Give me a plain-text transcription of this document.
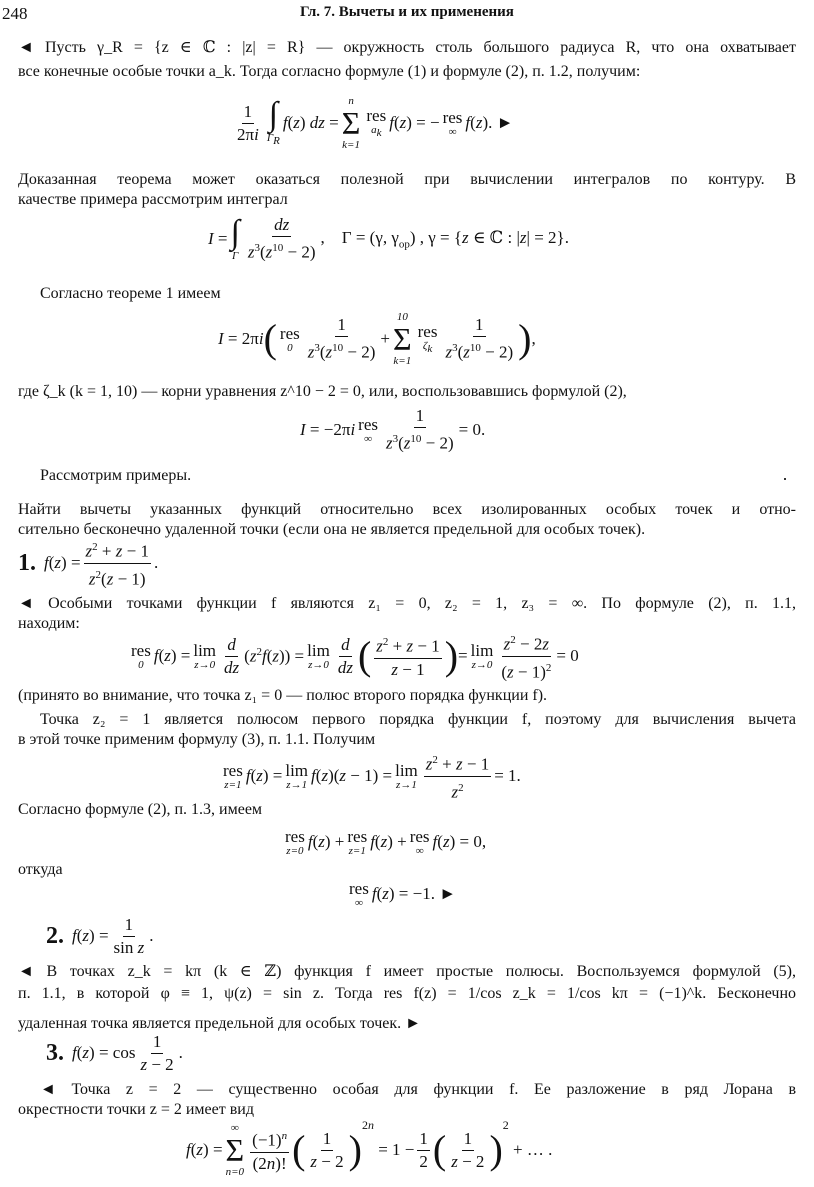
248	Гл. 7. Вычеты и их применения
◄ Пусть γ_R = {z ∈ ℂ : |z| = R} — окружность столь большого радиуса R, что она охватывает
все конечные особые точки a_k. Тогда согласно формуле (1) и формуле (2), п. 1.2, получим:
$\frac{1}{2\pi i}$ ∫
$\Gamma_R$
f(z) dz =
n
Σ
k=1
res
$a_k$
f(z) = − res
∞ f(z). ►
Доказанная теорема может оказаться полезной при вычислении интегралов по контуру. В
качестве примера рассмотрим интеграл
I = ∫
Γ $\frac{dz}{z^3(z^{10} - 2)}$ ,    Γ = (γ, $\gamma_{op}$) , γ = {z ∈ ℂ : |z| = 2}.
Согласно теореме 1 имеем
I = 2πi ( res
$0 \frac{1}{z^3(z^{10} - 2)}$ +
10
Σ
k=1
res
$\zeta_k \frac{1}{z^3(z^{10} - 2)}$ ) ,
где ζ_k (k = 1, 10) — корни уравнения z^10 − 2 = 0, или, воспользовавшись формулой (2),
I = −2πi res
∞ $\frac{1}{z^3(z^{10} - 2)} = 0$.
Рассмотрим примеры.
Найти вычеты указанных функций относительно всех изолированных особых точек и отно-
сительно бесконечно удаленной точки (если она не является предельной для особых точек).
1. $f(z) = \frac{z^2 + z - 1}{z^2(z - 1)}$ .
◄ Особыми точками функции f являются z₁ = 0, z₂ = 1, z₃ = ∞. По формуле (2), п. 1.1,
находим:
res
0 f(z) = lim
$z\to 0 \frac{d}{dz} (z^2f(z)) = \lim$
$z\to 0 \frac{d}{dz}$ ( $\frac{z^2 + z - 1}{z - 1}$ ) = lim
$z\to 0 \frac{z^2 - 2z}{(z - 1)^2} = 0$
(принято во внимание, что точка z₁ = 0 — полюс второго порядка функции f).
Точка z₂ = 1 является полюсом первого порядка функции f, поэтому для вычисления вычета
в этой точке применим формулу (3), п. 1.1. Получим
res
z=1 f(z) = lim
z→1 f(z)(z − 1) = lim
$z\to 1 \frac{z^2 + z - 1}{z^2} = 1$.
Согласно формуле (2), п. 1.3, имеем
res
z=0 f(z) + res
z=1 f(z) + res
∞ f(z) = 0,
откуда
res
∞ f(z) = −1. ►
2. $f(z) = \frac{1}{\text{sin z}}$ .
◄ В точках z_k = kπ (k ∈ ℤ) функция f имеет простые полюсы. Воспользуемся формулой (5),
п. 1.1, в которой φ ≡ 1, ψ(z) = sin z. Тогда res f(z) = 1/cos z_k = 1/cos kπ = (−1)^k. Бесконечно
удаленная точка является предельной для особых точек. ►
3. $f(z) = \cos \frac{1}{z - 2}$ .
◄ Точка z = 2 — существенно особая для функции f. Ее разложение в ряд Лорана в
окрестности точки z = 2 имеет вид
f(z) =
∞
Σ
$n=0 \frac{(-1)^n}{(2n)!}$ ( $\frac{1}{z - 2}$ )
2n
= $1 - \frac{1}{2}$ ( $\frac{1}{z - 2}$ )
2
+ … .
